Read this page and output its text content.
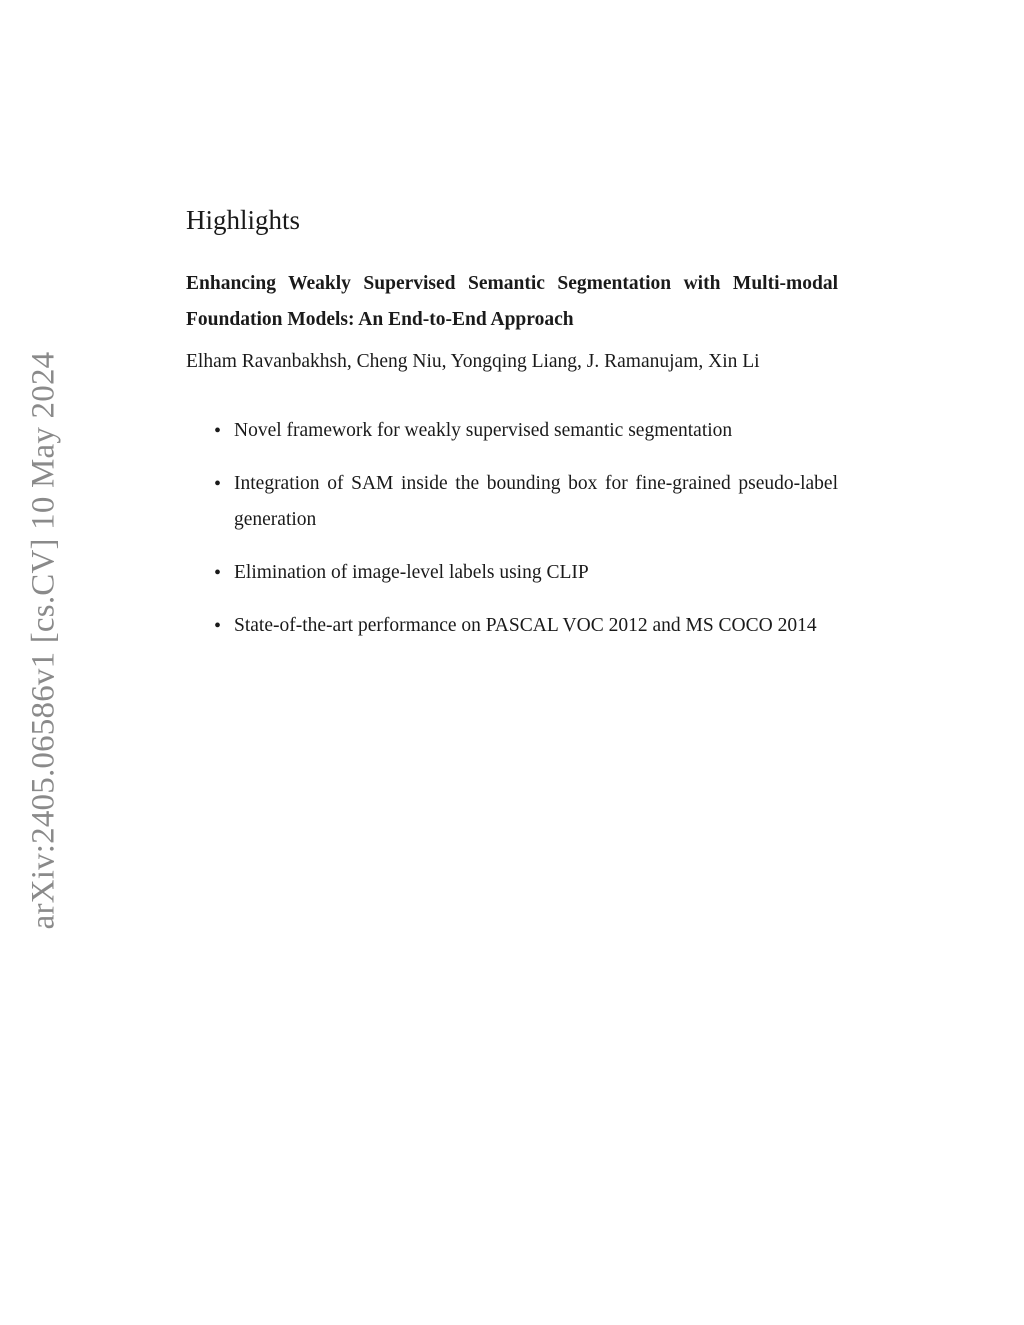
arXiv:2405.06586v1 [cs.CV] 10 May 2024
Highlights
Enhancing Weakly Supervised Semantic Segmentation with Multi-modal Foundation Models: An End-to-End Approach
Elham Ravanbakhsh, Cheng Niu, Yongqing Liang, J. Ramanujam, Xin Li
• Novel framework for weakly supervised semantic segmentation
• Integration of SAM inside the bounding box for fine-grained pseudo-label generation
• Elimination of image-level labels using CLIP
• State-of-the-art performance on PASCAL VOC 2012 and MS COCO 2014
